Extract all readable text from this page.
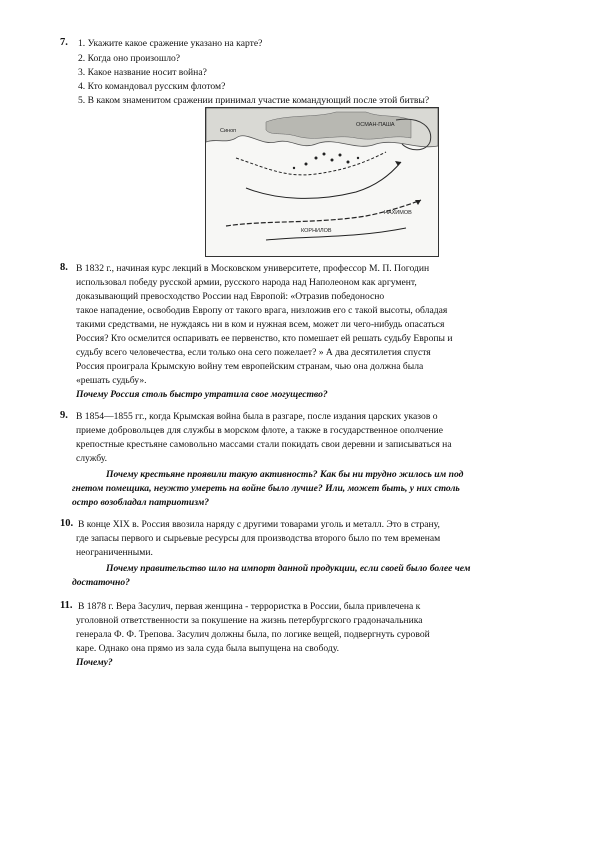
7. 1. Укажите какое сражение указано на карте?
2. Когда оно произошло?
3. Какое название носит война?
4. Кто командовал русским флотом?
5. В каком знаменитом сражении принимал участие командующий после этой битвы?
ОСМАН-ПАША
Синоп
НАХИМОВ
КОРНИЛОВ
8. В 1832 г., начиная курс лекций в Московском университете, профессор М. П. Погодин
использовал победу русской армии, русского народа над Наполеоном как аргумент,
доказывающий превосходство России над Европой: «Отразив победоносно
такое нападение, освободив Европу от такого врага, низложив его с такой высоты, обладая
такими средствами, не нуждаясь ни в ком и нужная всем, может ли чего-нибудь опасаться
Россия? Кто осмелится оспаривать ее первенство, кто помешает ей решать судьбу Европы и
судьбу всего человечества, если только она сего пожелает? » А два десятилетия спустя
Россия проиграла Крымскую войну тем европейским странам, чью она должна была
«решать судьбу».
Почему Россия столь быстро утратила свое могущество?
9. В 1854—1855 гг., когда Крымская война была в разгаре, после издания царских указов о
приеме добровольцев для службы в морском флоте, а также в государственное ополчение
крепостные крестьяне самовольно массами стали покидать свои деревни и записываться на
службу.
Почему крестьяне проявили такую активность? Как бы ни трудно жилось им под
гнетом помещика, неужто умереть на войне было лучше? Или, может быть, у них столь
остро возобладал патриотизм?
10. В конце XIX в. Россия ввозила наряду с другими товарами уголь и металл. Это в страну,
где запасы первого и сырьевые ресурсы для производства второго было по тем временам
неограниченными.
Почему правительство шло на импорт данной продукции, если своей было более чем
достаточно?
11. В 1878 г. Вера Засулич, первая женщина - террористка в России, была привлечена к
уголовной ответственности за покушение на жизнь петербургского градоначальника
генерала Ф. Ф. Трепова. Засулич должны была, по логике вещей, подвергнуть суровой
каре. Однако она прямо из зала суда была выпущена на свободу.
Почему?
